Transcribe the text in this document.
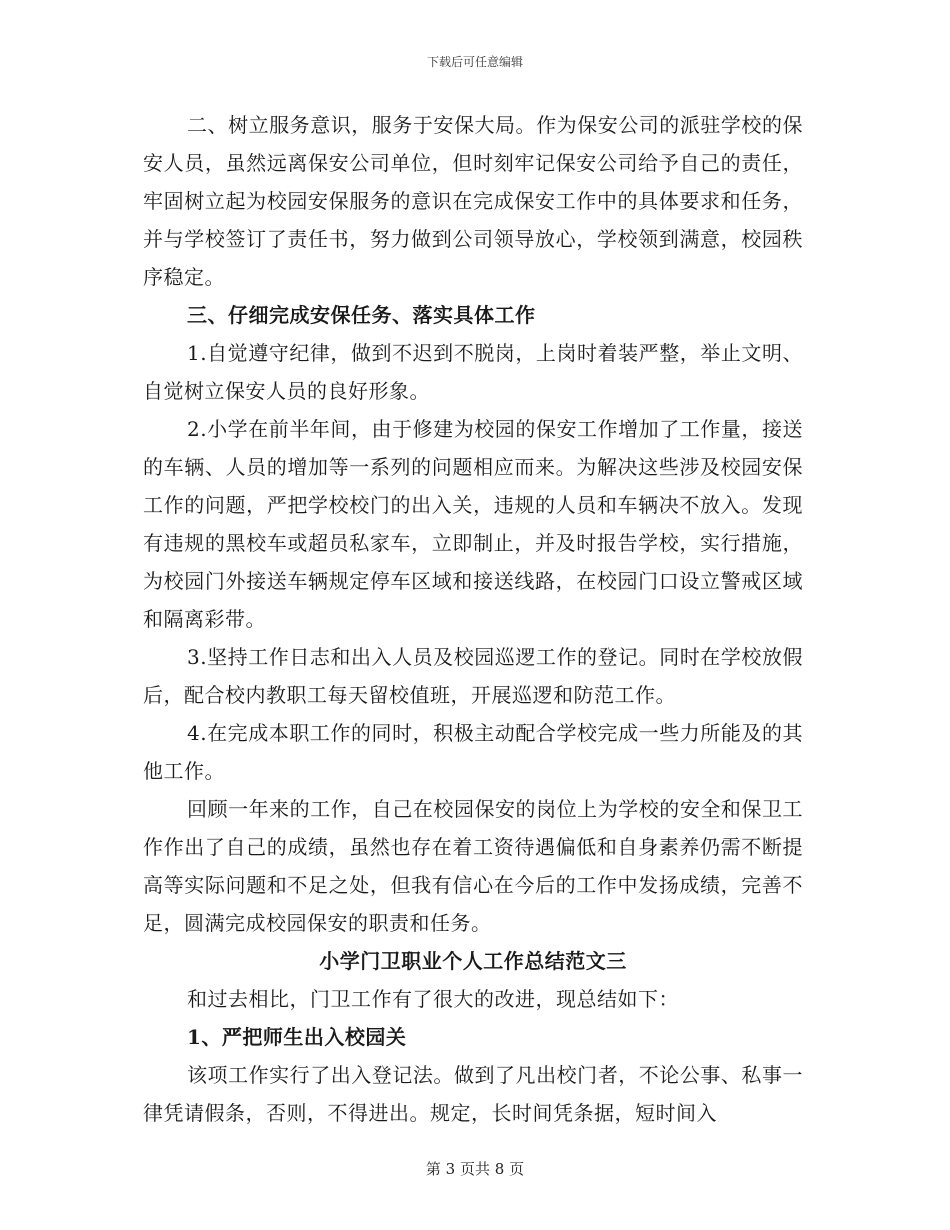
下载后可任意编辑

二、树立服务意识，服务于安保大局。作为保安公司的派驻学校的保安人员，虽然远离保安公司单位，但时刻牢记保安公司给予自己的责任，牢固树立起为校园安保服务的意识在完成保安工作中的具体要求和任务，并与学校签订了责任书，努力做到公司领导放心，学校领到满意，校园秩序稳定。

三、仔细完成安保任务、落实具体工作

1.自觉遵守纪律，做到不迟到不脱岗，上岗时着装严整，举止文明、自觉树立保安人员的良好形象。

2.小学在前半年间，由于修建为校园的保安工作增加了工作量，接送的车辆、人员的增加等一系列的问题相应而来。为解决这些涉及校园安保工作的问题，严把学校校门的出入关，违规的人员和车辆决不放入。发现有违规的黑校车或超员私家车，立即制止，并及时报告学校，实行措施，为校园门外接送车辆规定停车区域和接送线路，在校园门口设立警戒区域和隔离彩带。

3.坚持工作日志和出入人员及校园巡逻工作的登记。同时在学校放假后，配合校内教职工每天留校值班，开展巡逻和防范工作。

4.在完成本职工作的同时，积极主动配合学校完成一些力所能及的其他工作。

回顾一年来的工作，自己在校园保安的岗位上为学校的安全和保卫工作作出了自己的成绩，虽然也存在着工资待遇偏低和自身素养仍需不断提高等实际问题和不足之处，但我有信心在今后的工作中发扬成绩，完善不足，圆满完成校园保安的职责和任务。

小学门卫职业个人工作总结范文三

和过去相比，门卫工作有了很大的改进，现总结如下：

1、严把师生出入校园关

该项工作实行了出入登记法。做到了凡出校门者，不论公事、私事一律凭请假条，否则，不得进出。规定，长时间凭条据，短时间入

第 3 页共 8 页
